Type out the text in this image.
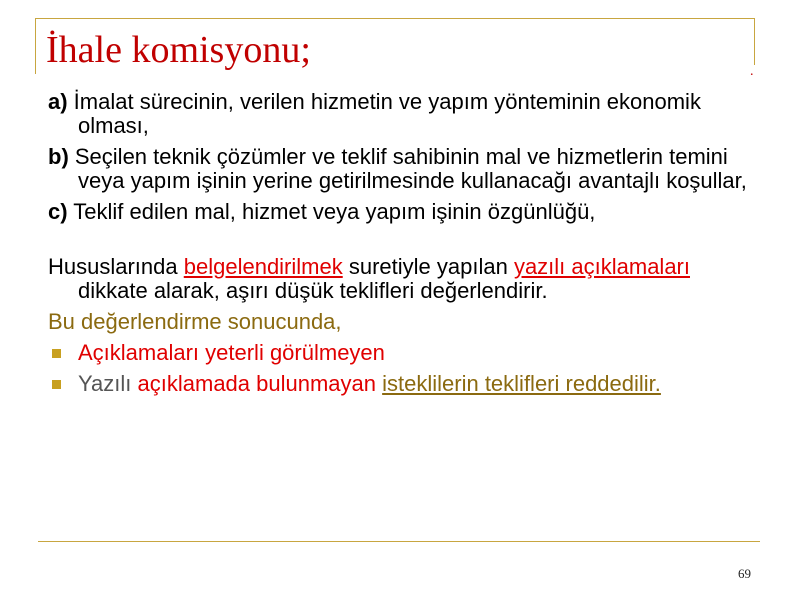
İhale komisyonu;
.

a) İmalat sürecinin, verilen hizmetin ve yapım yönteminin ekonomik olması,

b) Seçilen teknik çözümler ve teklif sahibinin mal ve hizmetlerin temini veya yapım işinin yerine getirilmesinde kullanacağı avantajlı koşullar,

c) Teklif edilen mal, hizmet veya yapım işinin özgünlüğü,

Hususlarında belgelendirilmek suretiyle yapılan yazılı açıklamaları dikkate alarak, aşırı düşük teklifleri değerlendirir.

Bu değerlendirme sonucunda,

Açıklamaları yeterli görülmeyen

Yazılı açıklamada bulunmayan isteklilerin teklifleri reddedilir.

69
